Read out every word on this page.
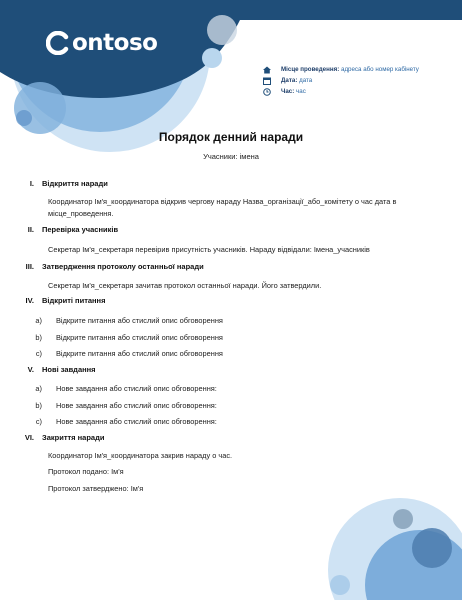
ontoso
Місце проведення: адреса або номер кабінету
Дата: дата
Час: час
Порядок денний наради
Учасники: імена
I.	Відкриття наради
Координатор Ім'я_координатора відкрив чергову нараду Назва_організації_або_комітету о час дата в місце_проведення.
II.	Перевірка учасників
Секретар Ім'я_секретаря перевірив присутність учасників. Нараду відвідали: Імена_учасників
III.	Затвердження протоколу останньої наради
Секретар Ім'я_секретаря зачитав протокол останньої наради. Його затвердили.
IV.	Відкриті питання
a)	Відкрите питання або стислий опис обговорення
b)	Відкрите питання або стислий опис обговорення
c)	Відкрите питання або стислий опис обговорення
V.	Нові завдання
a)	Нове завдання або стислий опис обговорення:
b)	Нове завдання або стислий опис обговорення:
c)	Нове завдання або стислий опис обговорення:
VI.	Закриття наради
Координатор Ім'я_координатора закрив нараду о час.
Протокол подано: Ім'я
Протокол затверджено: Ім'я
